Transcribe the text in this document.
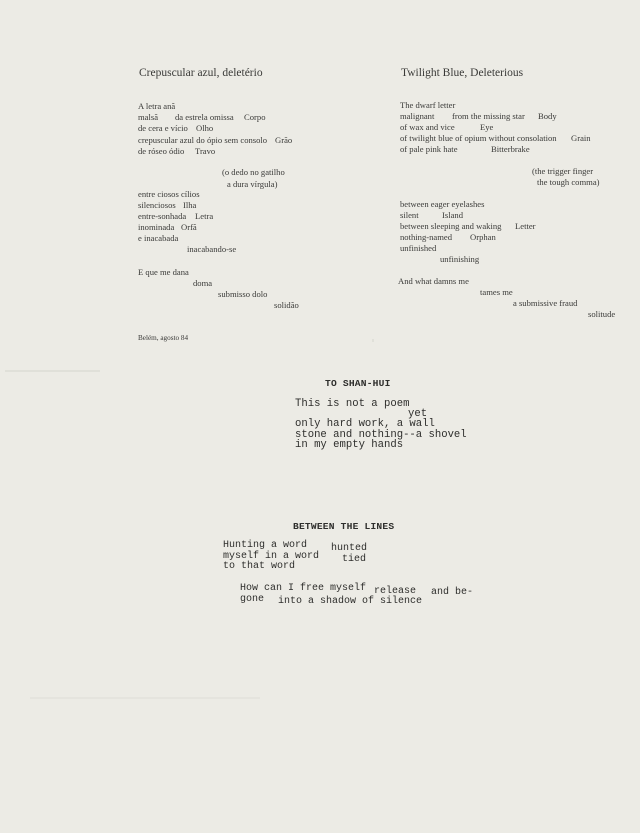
Crepuscular azul, deletério
A letra anã
malsã da estrela omissa Corpo
de cera e vício Olho
crepuscular azul do ópio sem consolo Grão
de róseo ódio Travo
(o dedo no gatilho
a dura vírgula)
entre ciosos cílios
silenciosos Ilha
entre-sonhada Letra
inominada Orfã
e inacabada
inacabando-se
E que me dana
doma
submisso dolo
solidão
Belém, agosto 84
Twilight Blue, Deleterious
The dwarf letter
malignant from the missing star Body
of wax and vice	Eye
of twilight blue of opium without consolation Grain
of pale pink hate	Bitterbrake
(the trigger finger
the tough comma)
between eager eyelashes
silent	Island
between sleeping and waking Letter
nothing-named Orphan
unfinished
unfinishing
And what damns me
tames me
a submissive fraud
solitude
TO SHAN-HUI
This is not a poem
yet
only hard work, a wall
stone and nothing--a shovel
in my empty hands
BETWEEN THE LINES
Hunting a word hunted
myself in a word tied
to that word
How can I free myself release and be-
gone into a shadow of silence
